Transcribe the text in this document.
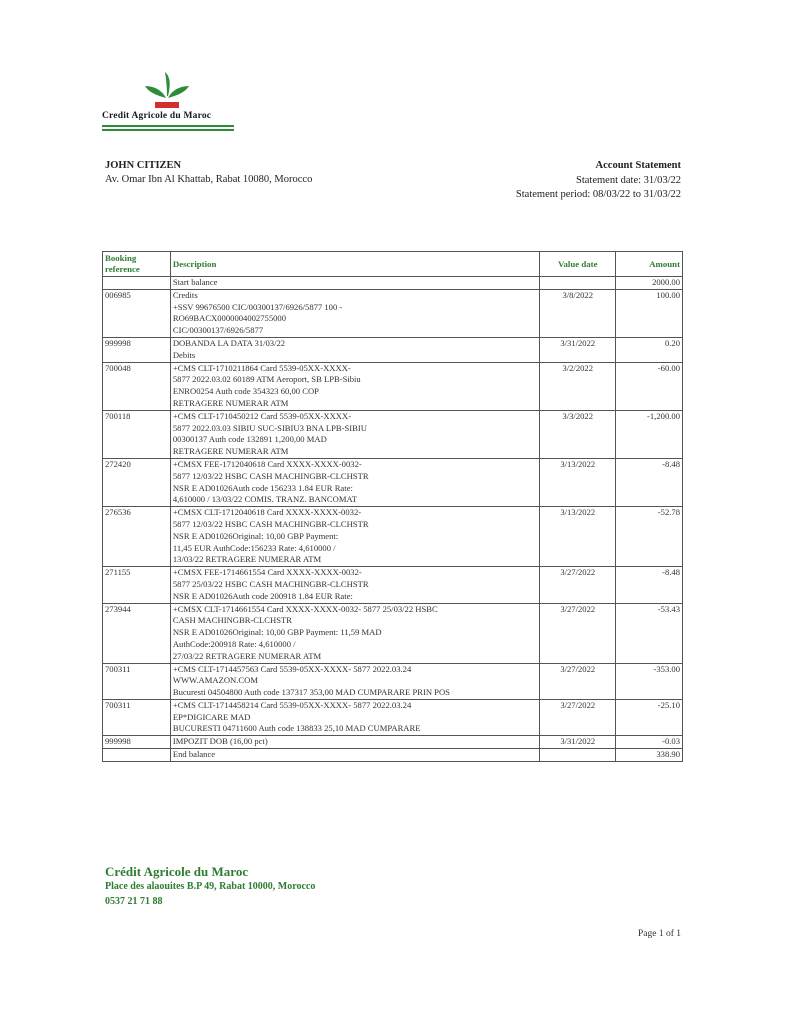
Credit Agricole du Maroc
JOHN CITIZEN
Av. Omar Ibn Al Khattab, Rabat 10080, Morocco
Account Statement
Statement date: 31/03/22
Statement period: 08/03/22 to 31/03/22
Booking reference	Description	Value date	Amount

	Start balance		2000.00
006985	Credits
+SSV 99676500 CIC/00300137/6926/5877 100 -
RO69BACX0000004002755000
CIC/00300137/6926/5877	3/8/2022	100.00
999998	DOBANDA LA DATA 31/03/22
Debits	3/31/2022	0.20
700048	+CMS CLT-1710211864 Card 5539-05XX-XXXX-
5877 2022.03.02 60189 ATM Aeroport, SB LPB-Sibiu
ENRO0254 Auth code 354323 60,00 COP
RETRAGERE NUMERAR ATM	3/2/2022	-60.00
700118	+CMS CLT-1710450212 Card 5539-05XX-XXXX-
5877 2022.03.03 SIBIU SUC-SIBIU3 BNA LPB-SIBIU
00300137 Auth code 132891 1,200,00 MAD
RETRAGERE NUMERAR ATM	3/3/2022	-1,200.00
272420	+CMSX FEE-1712040618 Card XXXX-XXXX-0032-
5877 12/03/22 HSBC CASH MACHINGBR-CLCHSTR
NSR E AD01026Auth code 156233 1.84 EUR Rate:
4,610000 / 13/03/22 COMIS. TRANZ. BANCOMAT	3/13/2022	-8.48
276536	+CMSX CLT-1712040618 Card XXXX-XXXX-0032-
5877 12/03/22 HSBC CASH MACHINGBR-CLCHSTR
NSR E AD01026Original: 10,00 GBP Payment:
11,45 EUR AuthCode:156233 Rate: 4,610000 /
13/03/22 RETRAGERE NUMERAR ATM	3/13/2022	-52.78
271155	+CMSX FEE-1714661554 Card XXXX-XXXX-0032-
5877 25/03/22 HSBC CASH MACHINGBR-CLCHSTR
NSR E AD01026Auth code 200918 1.84 EUR Rate:	3/27/2022	-8.48
273944	+CMSX CLT-1714661554 Card XXXX-XXXX-0032- 5877 25/03/22 HSBC
CASH MACHINGBR-CLCHSTR
NSR E AD01026Original: 10,00 GBP Payment: 11,59 MAD
AuthCode:200918 Rate: 4,610000 /
27/03/22 RETRAGERE NUMERAR ATM	3/27/2022	-53.43
700311	+CMS CLT-1714457563 Card 5539-05XX-XXXX- 5877 2022.03.24
WWW.AMAZON.COM
Bucuresti 04504800 Auth code 137317 353,00 MAD CUMPARARE PRIN POS	3/27/2022	-353.00
700311	+CMS CLT-1714458214 Card 5539-05XX-XXXX- 5877 2022.03.24
EP*DIGICARE MAD
BUCURESTI 04711600 Auth code 138833 25,10 MAD CUMPARARE	3/27/2022	-25.10
999998	IMPOZIT DOB (16,00 pct)	3/31/2022	-0.03

	End balance		338.90
Crédit Agricole du Maroc
Place des alaouites B.P 49, Rabat 10000, Morocco
0537 21 71 88
Page 1 of 1
